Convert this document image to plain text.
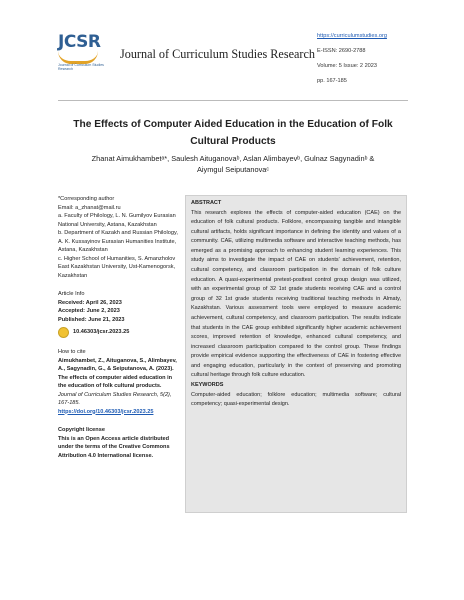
JCSR
Journal of Curriculum Studies Research
Journal of Curriculum Studies Research
https://curriculumstudies.org
E-ISSN: 2690-2788
Volume: 5 Issue: 2 2023
pp. 167-185
The Effects of Computer Aided Education in the Education of Folk
Cultural Products
Zhanat Aimukhambetᵃ*, Saulesh Aituganovaᵇ, Aslan Alimbayevᵇ, Gulnaz Sagynadinᵇ &
Aiymgul Seiputanovaᶜ

*Corresponding author

Email: a_zhanat@mail.ru

a. Faculty of Philology, L. N. Gumilyov Eurasian National University, Astana, Kazakhstan

b. Department of Kazakh and Russian Philology, A. K. Kussayinov Eurasian Humanities Institute, Astana, Kazakhstan

c. Higher School of Humanities, S. Amanzholov East Kazakhstan University, Ust-Kamenogorsk, Kazakhstan

Article Info

Received: April 26, 2023

Accepted: June 2, 2023

Published: June 21, 2023

10.46303/jcsr.2023.25

How to cite

Aimukhambet, Z., Aituganova, S., Alimbayev, A., Sagynadin, G., & Seiputanova, A. (2023). The effects of computer aided education in the education of folk cultural products.

Journal of Curriculum Studies Research, 5(2), 167-185.

https://doi.org/10.46303/jcsr.2023.25

Copyright license

This is an Open Access article distributed under the terms of the Creative Commons Attribution 4.0 International license.

ABSTRACT
This research explores the effects of computer-aided education (CAE) on the education of folk cultural products. Folklore, encompassing tangible and intangible cultural artifacts, holds significant importance in defining the identity and values of a community. CAE, utilizing multimedia software and interactive teaching methods, has emerged as a promising approach to enhancing student learning experiences. This study aims to investigate the impact of CAE on students' achievement, retention, cultural competency, and classroom participation in the domain of folk culture education. A quasi-experimental pretest-posttest control group design was utilized, with an experimental group of 32 1st grade students receiving CAE and a control group of 32 1st grade students receiving traditional teaching methods in Almaty, Kazakhstan. Various assessment tools were employed to measure academic achievement, cultural competency, and classroom participation. The results indicate that students in the CAE group exhibited significantly higher academic achievement scores, improved retention of knowledge, enhanced cultural competency, and increased classroom participation compared to the control group. These findings provide empirical evidence supporting the effectiveness of CAE in fostering effective and engaging education, particularly in the context of preserving and promoting cultural heritage through folk culture education.
KEYWORDS
Computer-aided education; folklore education; multimedia software; cultural competency; quasi-experimental design.
